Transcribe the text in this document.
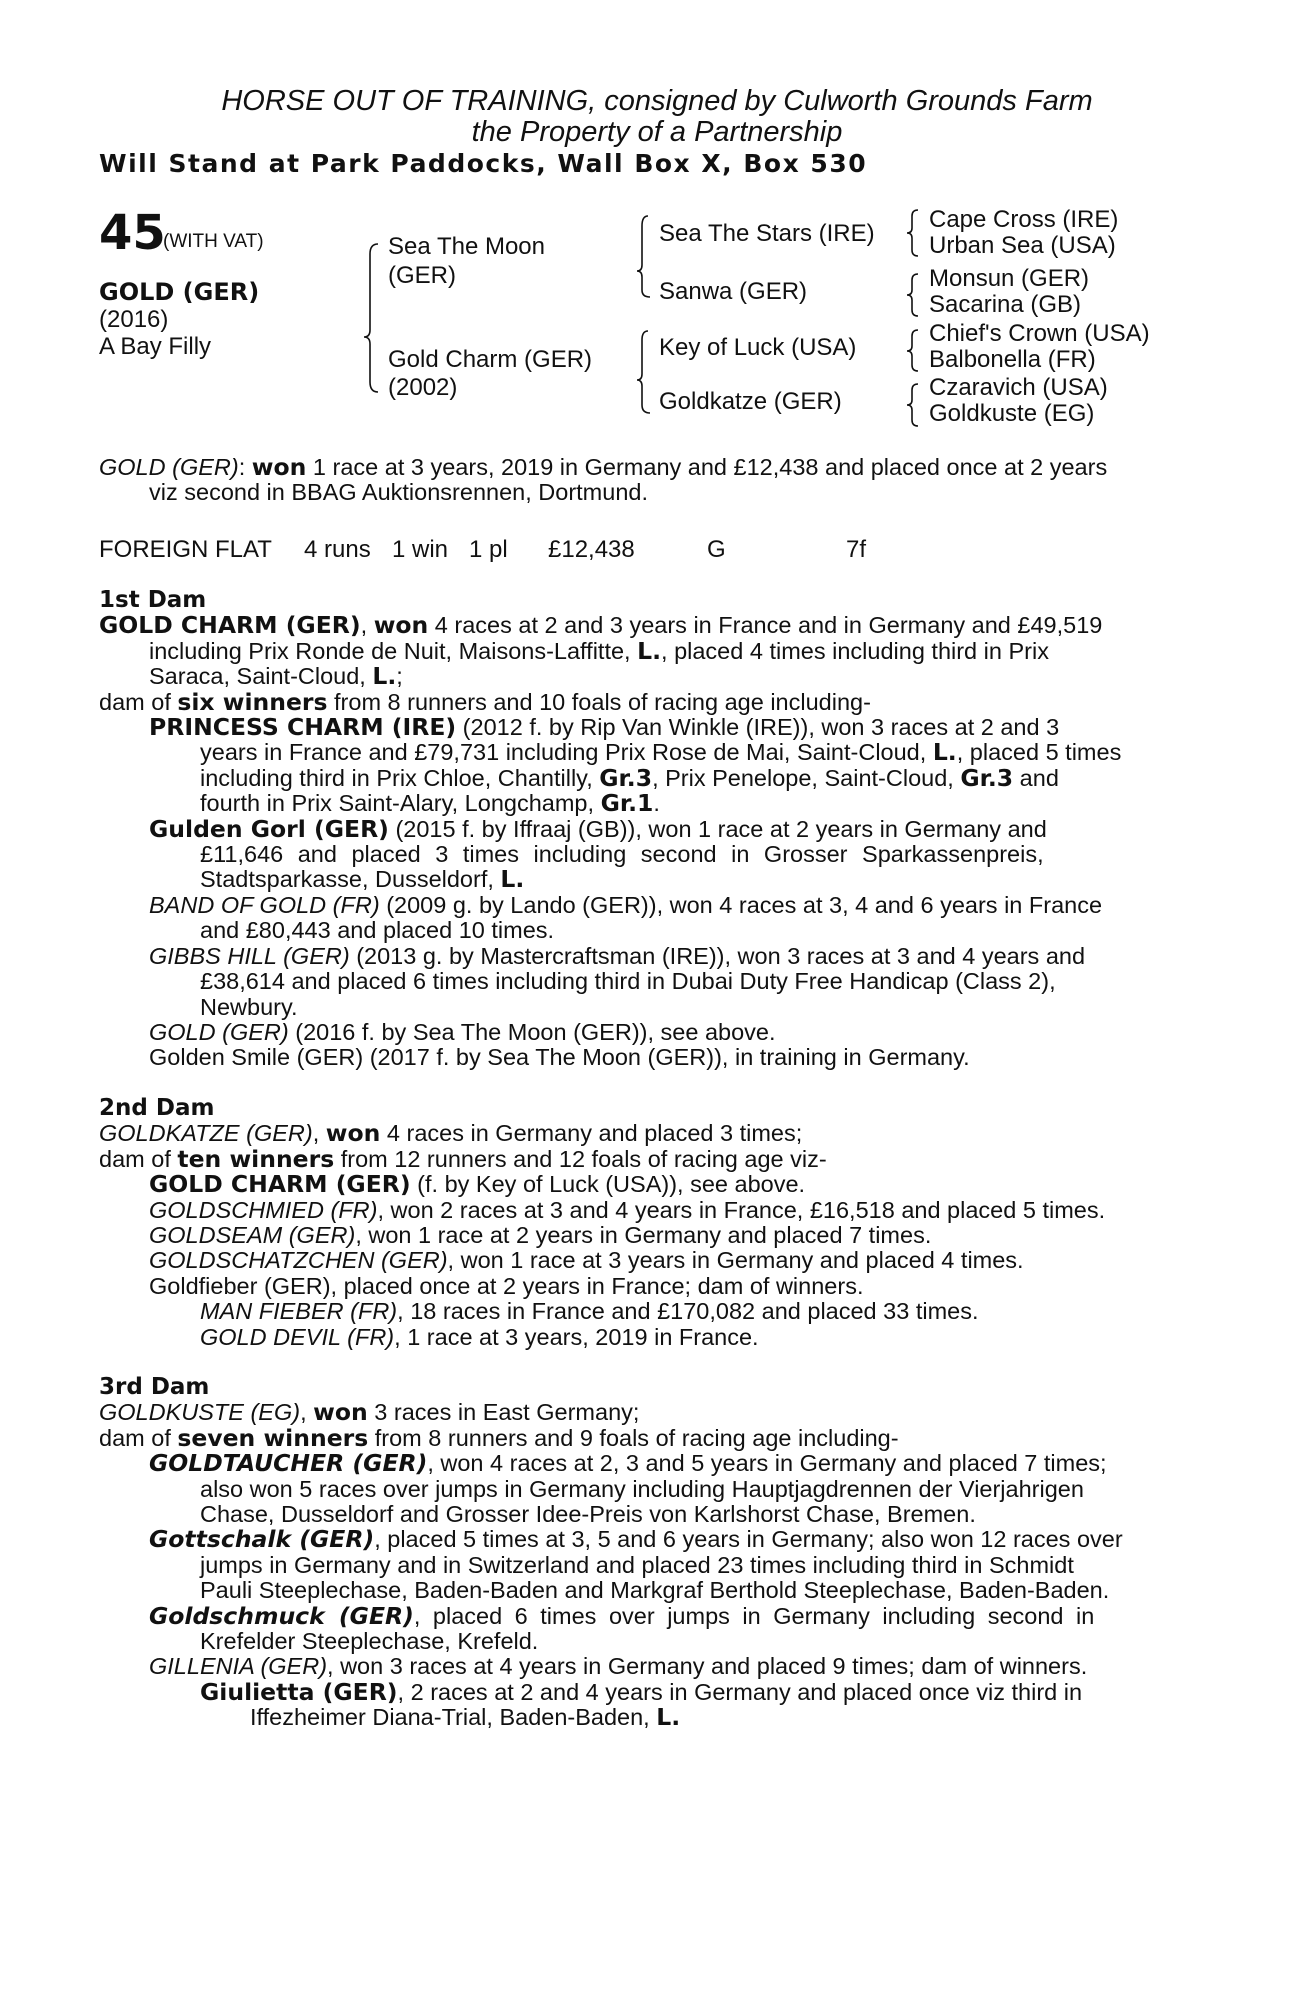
HORSE OUT OF TRAINING, consigned by Culworth Grounds Farm
the Property of a Partnership
Will Stand at Park Paddocks, Wall Box X, Box 530
45
(WITH VAT)
GOLD (GER)
(2016)
A Bay Filly
Sea The Moon
(GER)
Gold Charm (GER)
(2002)
Sea The Stars (IRE)
Sanwa (GER)
Key of Luck (USA)
Goldkatze (GER)
Cape Cross (IRE)
Urban Sea (USA)
Monsun (GER)
Sacarina (GB)
Chief's Crown (USA)
Balbonella (FR)
Czaravich (USA)
Goldkuste (EG)
GOLD (GER): won 1 race at 3 years, 2019 in Germany and £12,438 and placed once at 2 years
viz second in BBAG Auktionsrennen, Dortmund.
FOREIGN FLAT 4 runs 1 win 1 pl £12,438	G	7f
1st Dam
GOLD CHARM (GER), won 4 races at 2 and 3 years in France and in Germany and £49,519
including Prix Ronde de Nuit, Maisons-Laffitte, L., placed 4 times including third in Prix
Saraca, Saint-Cloud, L.;
dam of six winners from 8 runners and 10 foals of racing age including-
PRINCESS CHARM (IRE) (2012 f. by Rip Van Winkle (IRE)), won 3 races at 2 and 3
years in France and £79,731 including Prix Rose de Mai, Saint-Cloud, L., placed 5 times
including third in Prix Chloe, Chantilly, Gr.3, Prix Penelope, Saint-Cloud, Gr.3 and
fourth in Prix Saint-Alary, Longchamp, Gr.1.
Gulden Gorl (GER) (2015 f. by Iffraaj (GB)), won 1 race at 2 years in Germany and
£11,646 and placed 3 times including second in Grosser Sparkassenpreis,
Stadtsparkasse, Dusseldorf, L.
BAND OF GOLD (FR) (2009 g. by Lando (GER)), won 4 races at 3, 4 and 6 years in France
and £80,443 and placed 10 times.
GIBBS HILL (GER) (2013 g. by Mastercraftsman (IRE)), won 3 races at 3 and 4 years and
£38,614 and placed 6 times including third in Dubai Duty Free Handicap (Class 2),
Newbury.
GOLD (GER) (2016 f. by Sea The Moon (GER)), see above.
Golden Smile (GER) (2017 f. by Sea The Moon (GER)), in training in Germany.
2nd Dam
GOLDKATZE (GER), won 4 races in Germany and placed 3 times;
dam of ten winners from 12 runners and 12 foals of racing age viz-
GOLD CHARM (GER) (f. by Key of Luck (USA)), see above.
GOLDSCHMIED (FR), won 2 races at 3 and 4 years in France, £16,518 and placed 5 times.
GOLDSEAM (GER), won 1 race at 2 years in Germany and placed 7 times.
GOLDSCHATZCHEN (GER), won 1 race at 3 years in Germany and placed 4 times.
Goldfieber (GER), placed once at 2 years in France; dam of winners.
MAN FIEBER (FR), 18 races in France and £170,082 and placed 33 times.
GOLD DEVIL (FR), 1 race at 3 years, 2019 in France.
3rd Dam
GOLDKUSTE (EG), won 3 races in East Germany;
dam of seven winners from 8 runners and 9 foals of racing age including-
GOLDTAUCHER (GER), won 4 races at 2, 3 and 5 years in Germany and placed 7 times;
also won 5 races over jumps in Germany including Hauptjagdrennen der Vierjahrigen
Chase, Dusseldorf and Grosser Idee-Preis von Karlshorst Chase, Bremen.
Gottschalk (GER), placed 5 times at 3, 5 and 6 years in Germany; also won 12 races over
jumps in Germany and in Switzerland and placed 23 times including third in Schmidt
Pauli Steeplechase, Baden-Baden and Markgraf Berthold Steeplechase, Baden-Baden.
Goldschmuck (GER), placed 6 times over jumps in Germany including second in
Krefelder Steeplechase, Krefeld.
GILLENIA (GER), won 3 races at 4 years in Germany and placed 9 times; dam of winners.
Giulietta (GER), 2 races at 2 and 4 years in Germany and placed once viz third in
Iffezheimer Diana-Trial, Baden-Baden, L.
